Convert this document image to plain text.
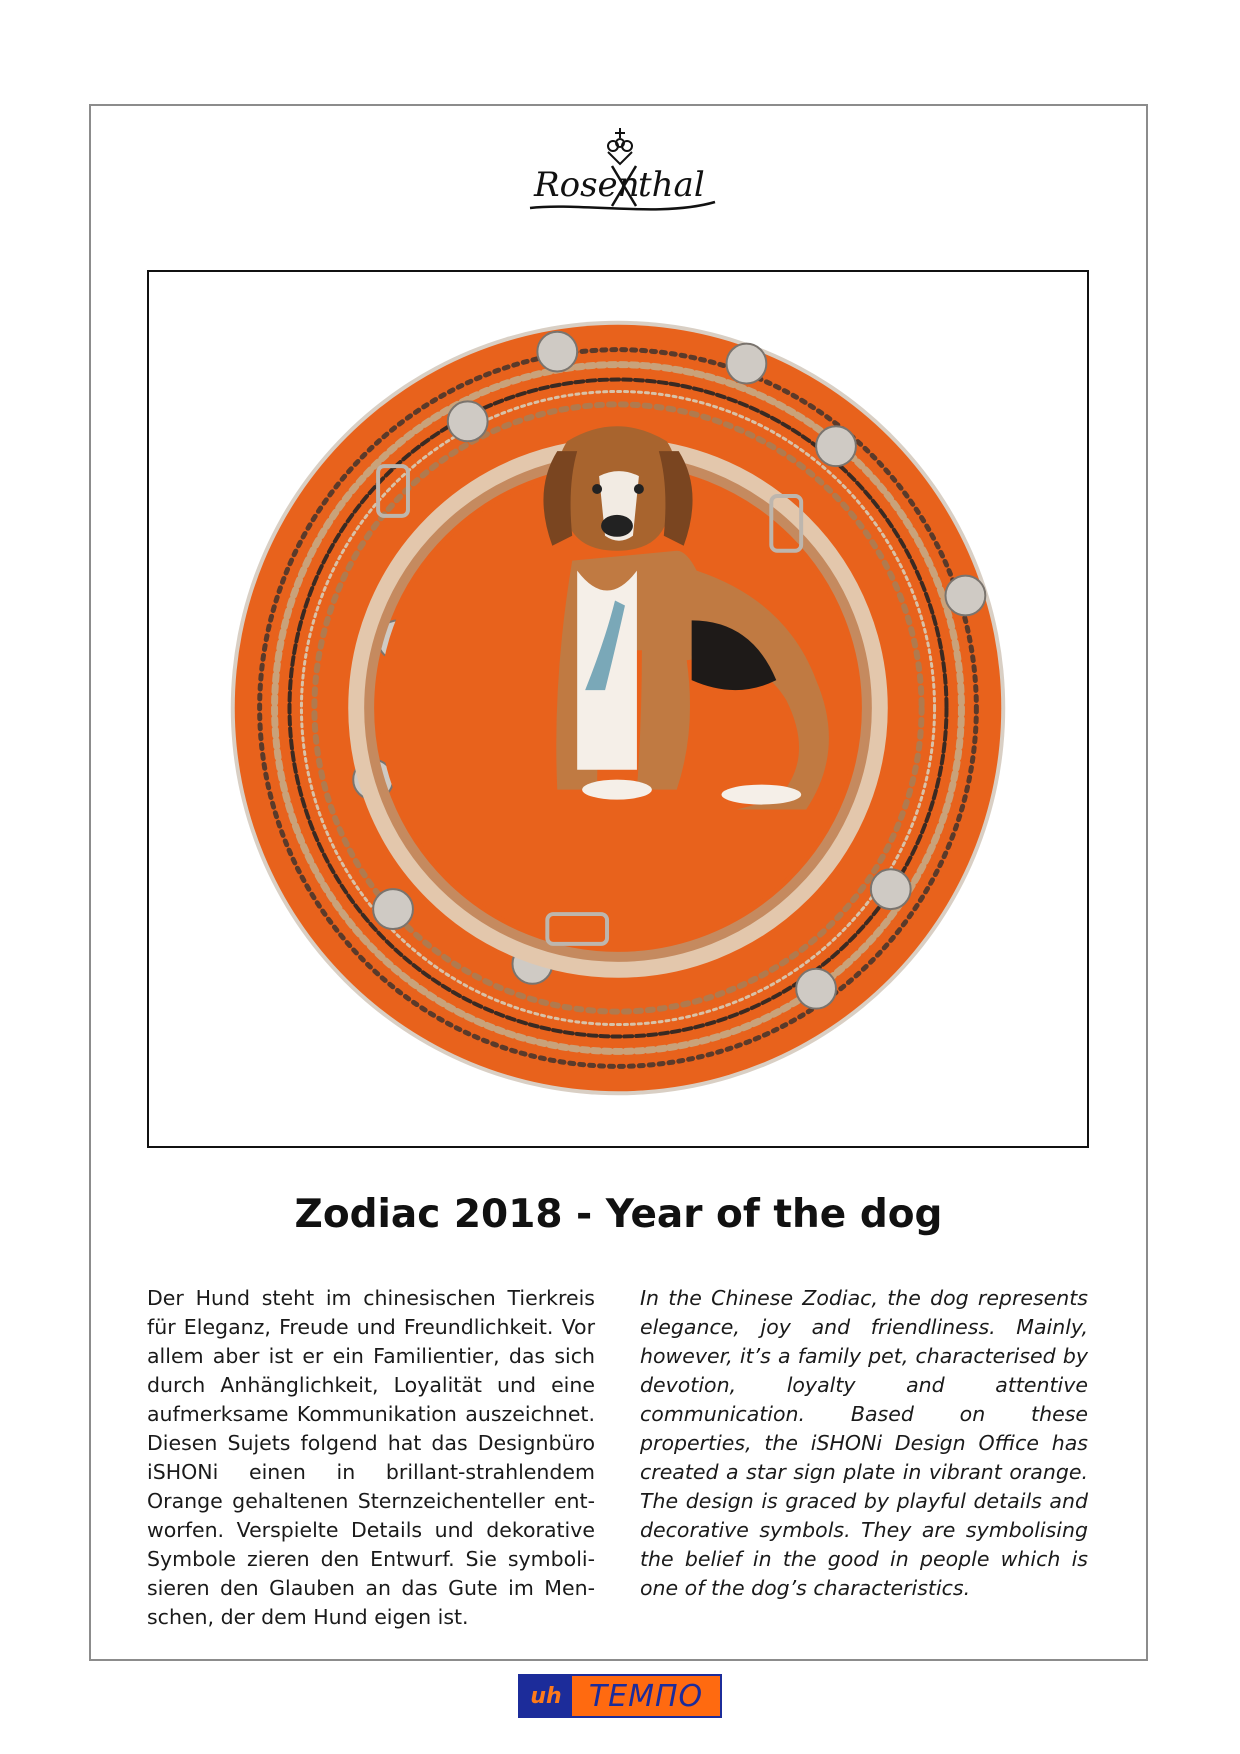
Rosen
thal
Zodiac 2018 - Year of the dog
Der Hund steht im chinesischen Tierkreis für Eleganz, Freude und Freundlichkeit. Vor allem aber ist er ein Familientier, das sich durch Anhänglichkeit, Loyalität und eine aufmerksame Kommunikation auszeichnet. Diesen Sujets folgend hat das Designbüro iSHONi einen in brillant-strahlendem Orange gehaltenen Sternzeichenteller entworfen. Verspielte Details und dekorative Symbole zieren den Entwurf. Sie symbolisieren den Glauben an das Gute im Menschen, der dem Hund eigen ist.
In the Chinese Zodiac, the dog represents elegance, joy and friendliness. Mainly, however, it’s a family pet, characterised by devotion, loyalty and attentive communication. Based on these properties, the iSHONi Design Office has created a star sign plate in vibrant orange. The design is graced by playful details and decorative symbols. They are symbolising the belief in the good in people which is one of the dog’s characteristics.
uh ТЕМПО
